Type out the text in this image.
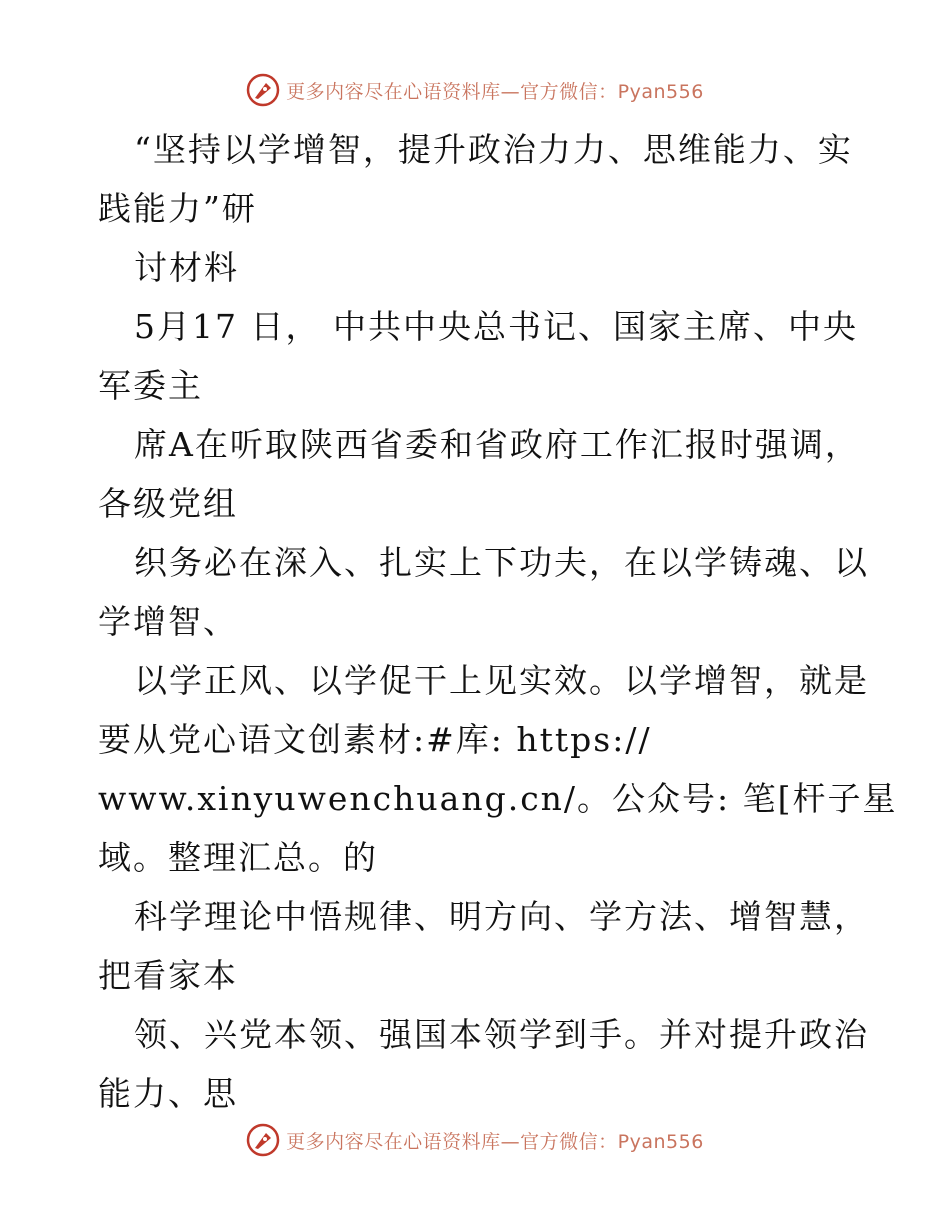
更多内容尽在心语资料库—官方微信：Pyan556
“坚持以学增智，提升政治力力、思维能力、实
践能力”研
讨材料
5月17 日， 中共中央总书记、国家主席、中央
军委主
席A在听取陕西省委和省政府工作汇报时强调，
各级党组
织务必在深入、扎实上下功夫，在以学铸魂、以
学增智、
以学正风、以学促干上见实效。以学增智，就是
要从党心语文创素材:#库: https://
www.xinyuwenchuang.cn/。公众号: 笔[杆子星
域。整理汇总。的
科学理论中悟规律、明方向、学方法、增智慧，
把看家本
领、兴党本领、强国本领学到手。并对提升政治
能力、思
更多内容尽在心语资料库—官方微信：Pyan556
